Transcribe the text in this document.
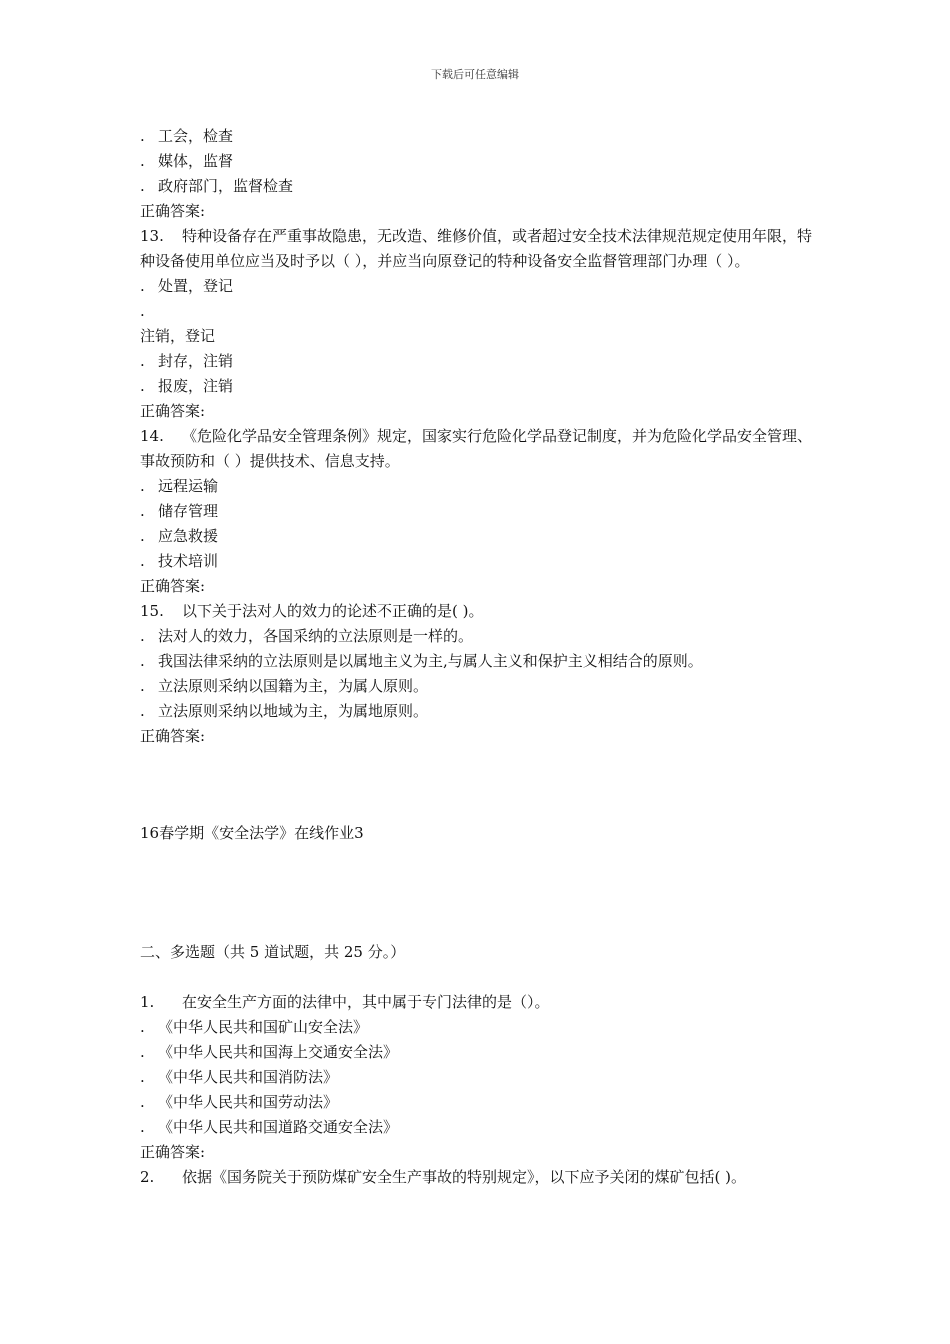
下载后可任意编辑
. 工会，检查
. 媒体，监督
. 政府部门，监督检查
正确答案:
13. 特种设备存在严重事故隐患，无改造、维修价值，或者超过安全技术法律规范规定使用年限，特种设备使用单位应当及时予以（ ），并应当向原登记的特种设备安全监督管理部门办理（ ）。
. 处置，登记
.
注销，登记
. 封存，注销
. 报废，注销
正确答案:
14. 《危险化学品安全管理条例》规定，国家实行危险化学品登记制度，并为危险化学品安全管理、事故预防和（ ）提供技术、信息支持。
. 远程运输
. 储存管理
. 应急救援
. 技术培训
正确答案:
15. 以下关于法对人的效力的论述不正确的是( )。
. 法对人的效力，各国采纳的立法原则是一样的。
. 我国法律采纳的立法原则是以属地主义为主,与属人主义和保护主义相结合的原则。
. 立法原则采纳以国籍为主，为属人原则。
. 立法原则采纳以地域为主，为属地原则。
正确答案:
16春学期《安全法学》在线作业3
二、多选题（共 5 道试题，共 25 分。）
1. 在安全生产方面的法律中，其中属于专门法律的是（）。
. 《中华人民共和国矿山安全法》
. 《中华人民共和国海上交通安全法》
. 《中华人民共和国消防法》
. 《中华人民共和国劳动法》
. 《中华人民共和国道路交通安全法》
正确答案:
2. 依据《国务院关于预防煤矿安全生产事故的特别规定》，以下应予关闭的煤矿包括( )。
